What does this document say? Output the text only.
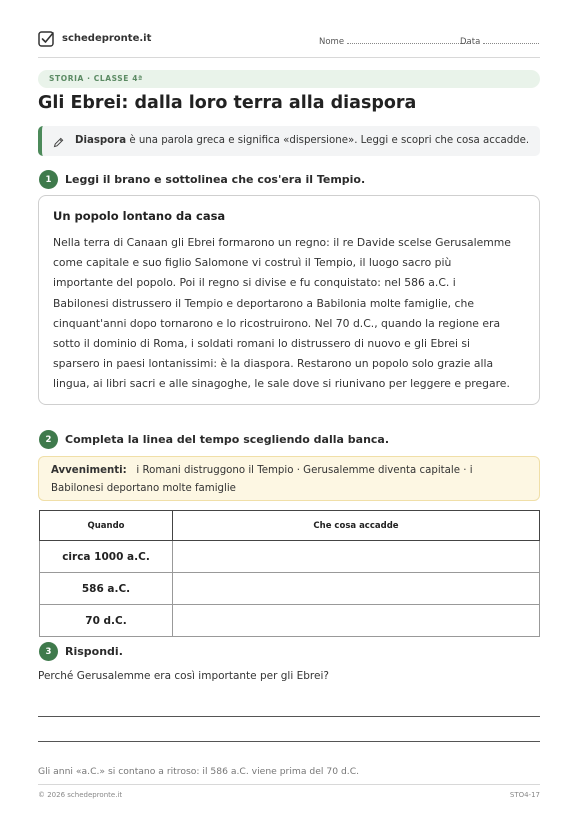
schedepronte.it	Nome	Data
STORIA · CLASSE 4ª
Gli Ebrei: dalla loro terra alla diaspora
Diaspora è una parola greca e significa «dispersione». Leggi e scopri che cosa accadde.
1	Leggi il brano e sottolinea che cos'era il Tempio.
Un popolo lontano da casa
Nella terra di Canaan gli Ebrei formarono un regno: il re Davide scelse Gerusalemme
come capitale e suo figlio Salomone vi costruì il Tempio, il luogo sacro più
importante del popolo. Poi il regno si divise e fu conquistato: nel 586 a.C. i
Babilonesi distrussero il Tempio e deportarono a Babilonia molte famiglie, che
cinquant'anni dopo tornarono e lo ricostruirono. Nel 70 d.C., quando la regione era
sotto il dominio di Roma, i soldati romani lo distrussero di nuovo e gli Ebrei si
sparsero in paesi lontanissimi: è la diaspora. Restarono un popolo solo grazie alla
lingua, ai libri sacri e alle sinagoghe, le sale dove si riunivano per leggere e pregare.
2	Completa la linea del tempo scegliendo dalla banca.
Avvenimenti: i Romani distruggono il Tempio · Gerusalemme diventa capitale · i
Babilonesi deportano molte famiglie
Quando	Che cosa accadde
circa 1000 a.C.	
586 a.C.	
70 d.C.	
3	Rispondi.
Perché Gerusalemme era così importante per gli Ebrei?
Gli anni «a.C.» si contano a ritroso: il 586 a.C. viene prima del 70 d.C.
© 2026 schedepronte.it	STO4-17
